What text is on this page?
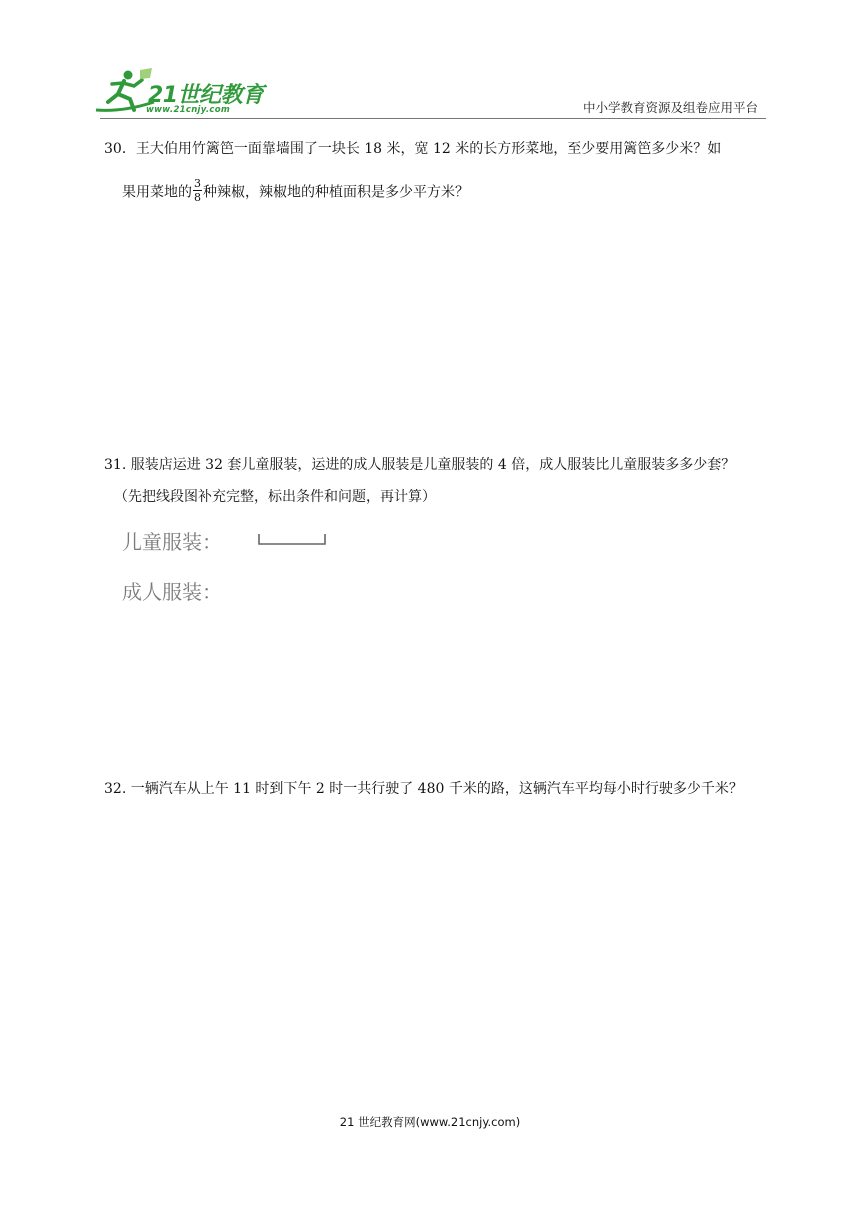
21世纪教育
www.21cnjy.com	中小学教育资源及组卷应用平台
30．王大伯用竹篱笆一面靠墙围了一块长 18 米，宽 12 米的长方形菜地，至少要用篱笆多少米？如
果用菜地的 $\frac{3}{8}$ 种辣椒，辣椒地的种植面积是多少平方米？
31. 服装店运进 32 套儿童服装，运进的成人服装是儿童服装的 4 倍，成人服装比儿童服装多多少套？
（先把线段图补充完整，标出条件和问题，再计算）
儿童服装：
成人服装：
32. 一辆汽车从上午 11 时到下午 2 时一共行驶了 480 千米的路，这辆汽车平均每小时行驶多少千米？
21 世纪教育网(www.21cnjy.com)
